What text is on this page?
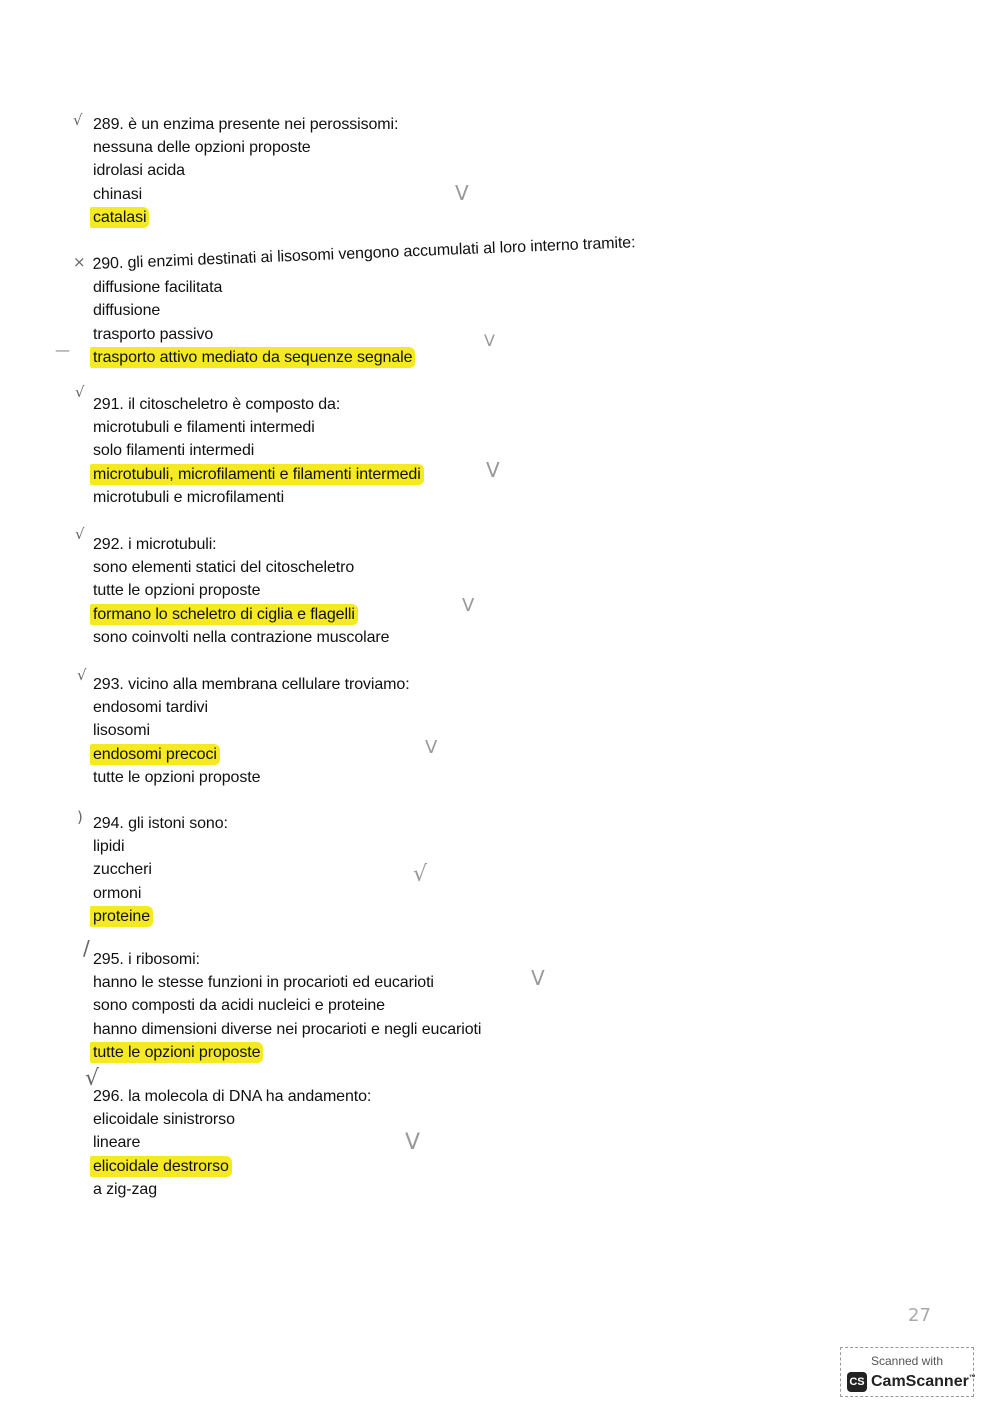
289. è un enzima presente nei perossisomi:
nessuna delle opzioni proposte
idrolasi acida
chinasi
catalasi
√
V
290. gli enzimi destinati ai lisosomi vengono accumulati al loro interno tramite:
diffusione facilitata
diffusione
trasporto passivo
trasporto attivo mediato da sequenze segnale
×
—	V
291. il citoscheletro è composto da:
microtubuli e filamenti intermedi
solo filamenti intermedi
microtubuli, microfilamenti e filamenti intermedi
microtubuli e microfilamenti
√
V
292. i microtubuli:
sono elementi statici del citoscheletro
tutte le opzioni proposte
formano lo scheletro di ciglia e flagelli
sono coinvolti nella contrazione muscolare
√
V
293. vicino alla membrana cellulare troviamo:
endosomi tardivi
lisosomi
endosomi precoci
tutte le opzioni proposte
√
V
294. gli istoni sono:
lipidi
zuccheri
ormoni
proteine
)
√
295. i ribosomi:
hanno le stesse funzioni in procarioti ed eucarioti
sono composti da acidi nucleici e proteine
hanno dimensioni diverse nei procarioti e negli eucarioti
tutte le opzioni proposte
/
V
296. la molecola di DNA ha andamento:
elicoidale sinistrorso
lineare
elicoidale destrorso
a zig-zag
√
V
27
Scanned with
CS CamScanner™
